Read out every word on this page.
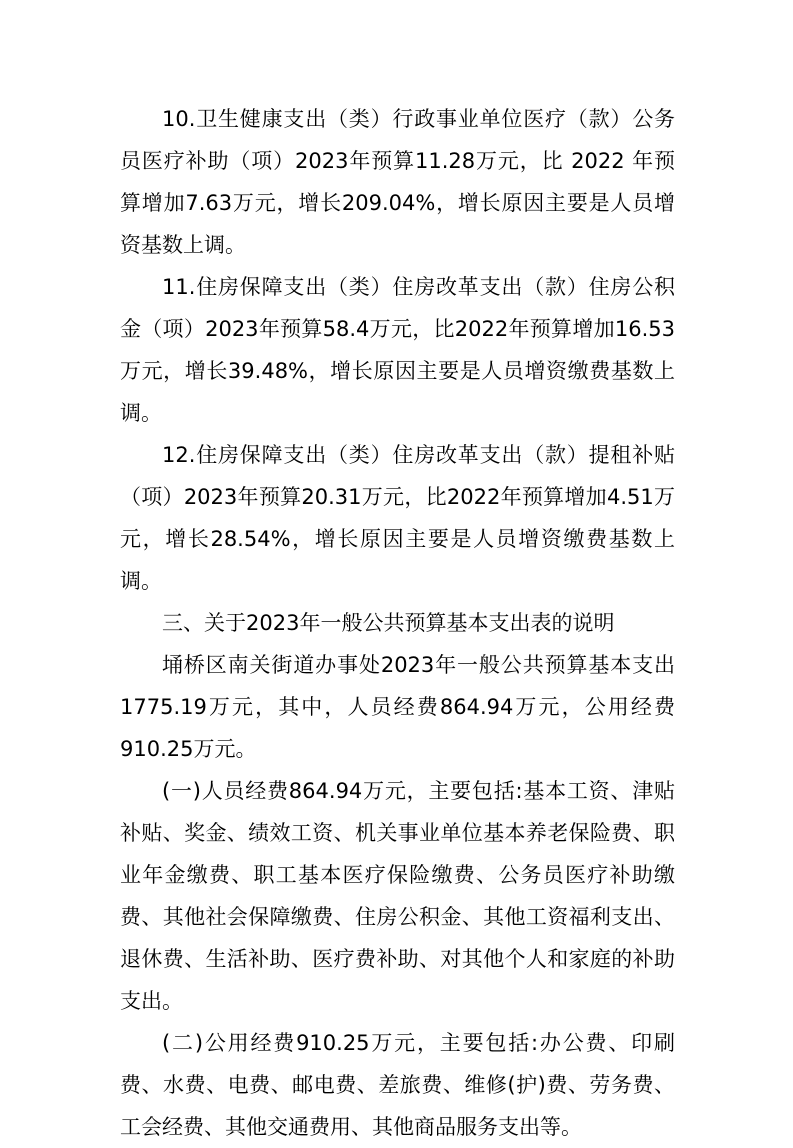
10.卫生健康支出（类）行政事业单位医疗（款）公务员医疗补助（项）2023年预算11.28万元，比 2022 年预算增加7.63万元，增长209.04%，增长原因主要是人员增资基数上调。

11.住房保障支出（类）住房改革支出（款）住房公积金（项）2023年预算58.4万元，比2022年预算增加16.53万元，增长39.48%，增长原因主要是人员增资缴费基数上调。

12.住房保障支出（类）住房改革支出（款）提租补贴（项）2023年预算20.31万元，比2022年预算增加4.51万元，增长28.54%，增长原因主要是人员增资缴费基数上调。

三、关于2023年一般公共预算基本支出表的说明

埇桥区南关街道办事处2023年一般公共预算基本支出1775.19万元，其中，人员经费864.94万元，公用经费910.25万元。

(一)人员经费864.94万元，主要包括:基本工资、津贴补贴、奖金、绩效工资、机关事业单位基本养老保险费、职业年金缴费、职工基本医疗保险缴费、公务员医疗补助缴费、其他社会保障缴费、住房公积金、其他工资福利支出、退休费、生活补助、医疗费补助、对其他个人和家庭的补助支出。

(二)公用经费910.25万元，主要包括:办公费、印刷费、水费、电费、邮电费、差旅费、维修(护)费、劳务费、工会经费、其他交通费用、其他商品服务支出等。
